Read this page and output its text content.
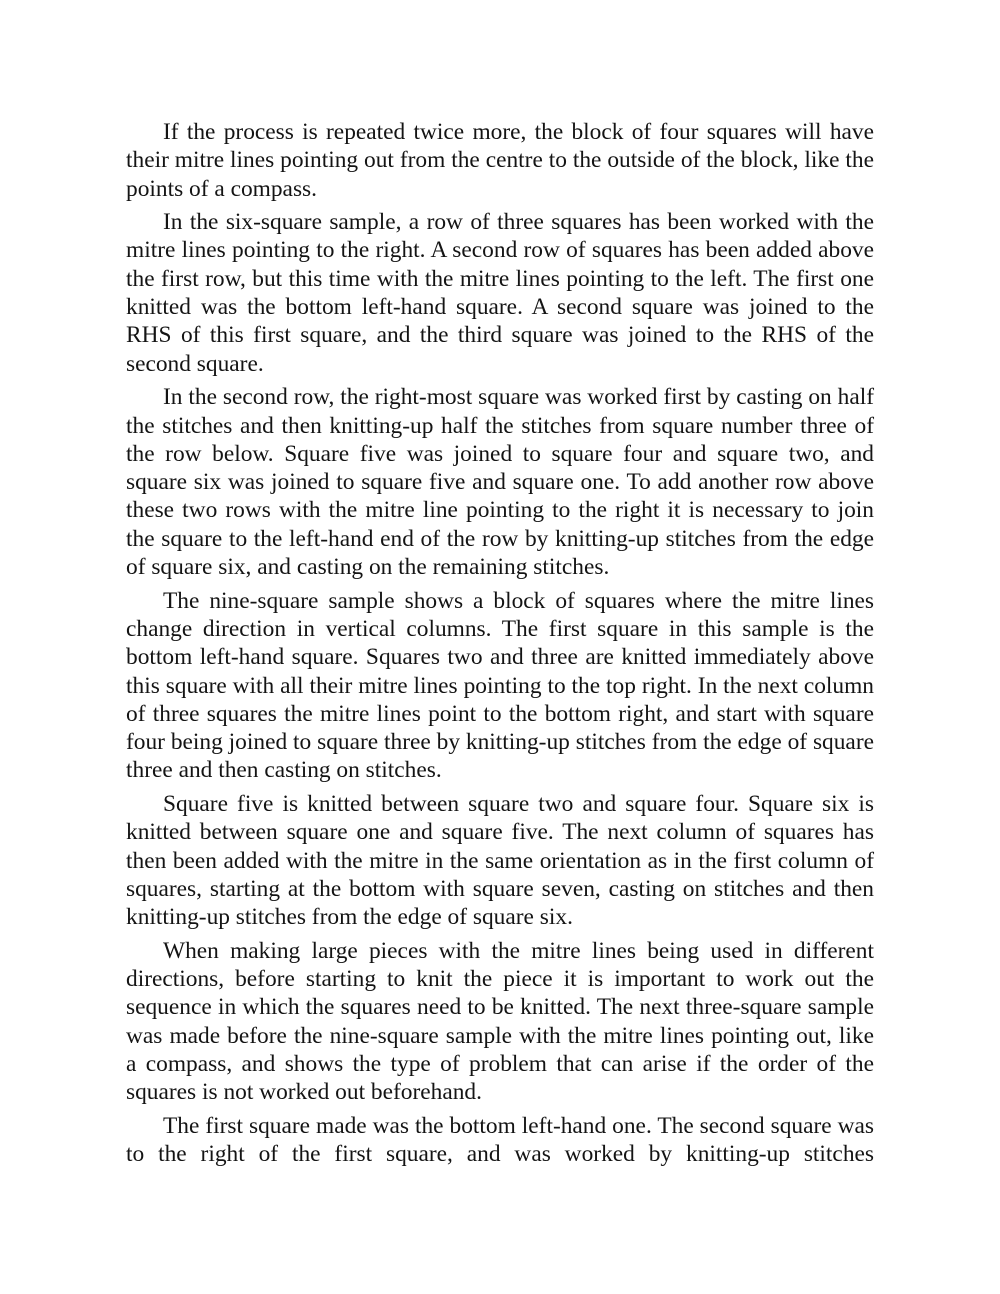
If the process is repeated twice more, the block of four squares will have their mitre lines pointing out from the centre to the outside of the block, like the points of a compass.

In the six-square sample, a row of three squares has been worked with the mitre lines pointing to the right. A second row of squares has been added above the first row, but this time with the mitre lines pointing to the left. The first one knitted was the bottom left-hand square. A second square was joined to the RHS of this first square, and the third square was joined to the RHS of the second square.

In the second row, the right-most square was worked first by casting on half the stitches and then knitting-up half the stitches from square number three of the row below. Square five was joined to square four and square two, and square six was joined to square five and square one. To add another row above these two rows with the mitre line pointing to the right it is necessary to join the square to the left-hand end of the row by knitting-up stitches from the edge of square six, and casting on the remaining stitches.

The nine-square sample shows a block of squares where the mitre lines change direction in vertical columns. The first square in this sample is the bottom left-hand square. Squares two and three are knitted immediately above this square with all their mitre lines pointing to the top right. In the next column of three squares the mitre lines point to the bottom right, and start with square four being joined to square three by knitting-up stitches from the edge of square three and then casting on stitches.

Square five is knitted between square two and square four. Square six is knitted between square one and square five. The next column of squares has then been added with the mitre in the same orientation as in the first column of squares, starting at the bottom with square seven, casting on stitches and then knitting-up stitches from the edge of square six.

When making large pieces with the mitre lines being used in different directions, before starting to knit the piece it is important to work out the sequence in which the squares need to be knitted. The next three-square sample was made before the nine-square sample with the mitre lines pointing out, like a compass, and shows the type of problem that can arise if the order of the squares is not worked out beforehand.

The first square made was the bottom left-hand one. The second square was to the right of the first square, and was worked by knitting-up stitches
